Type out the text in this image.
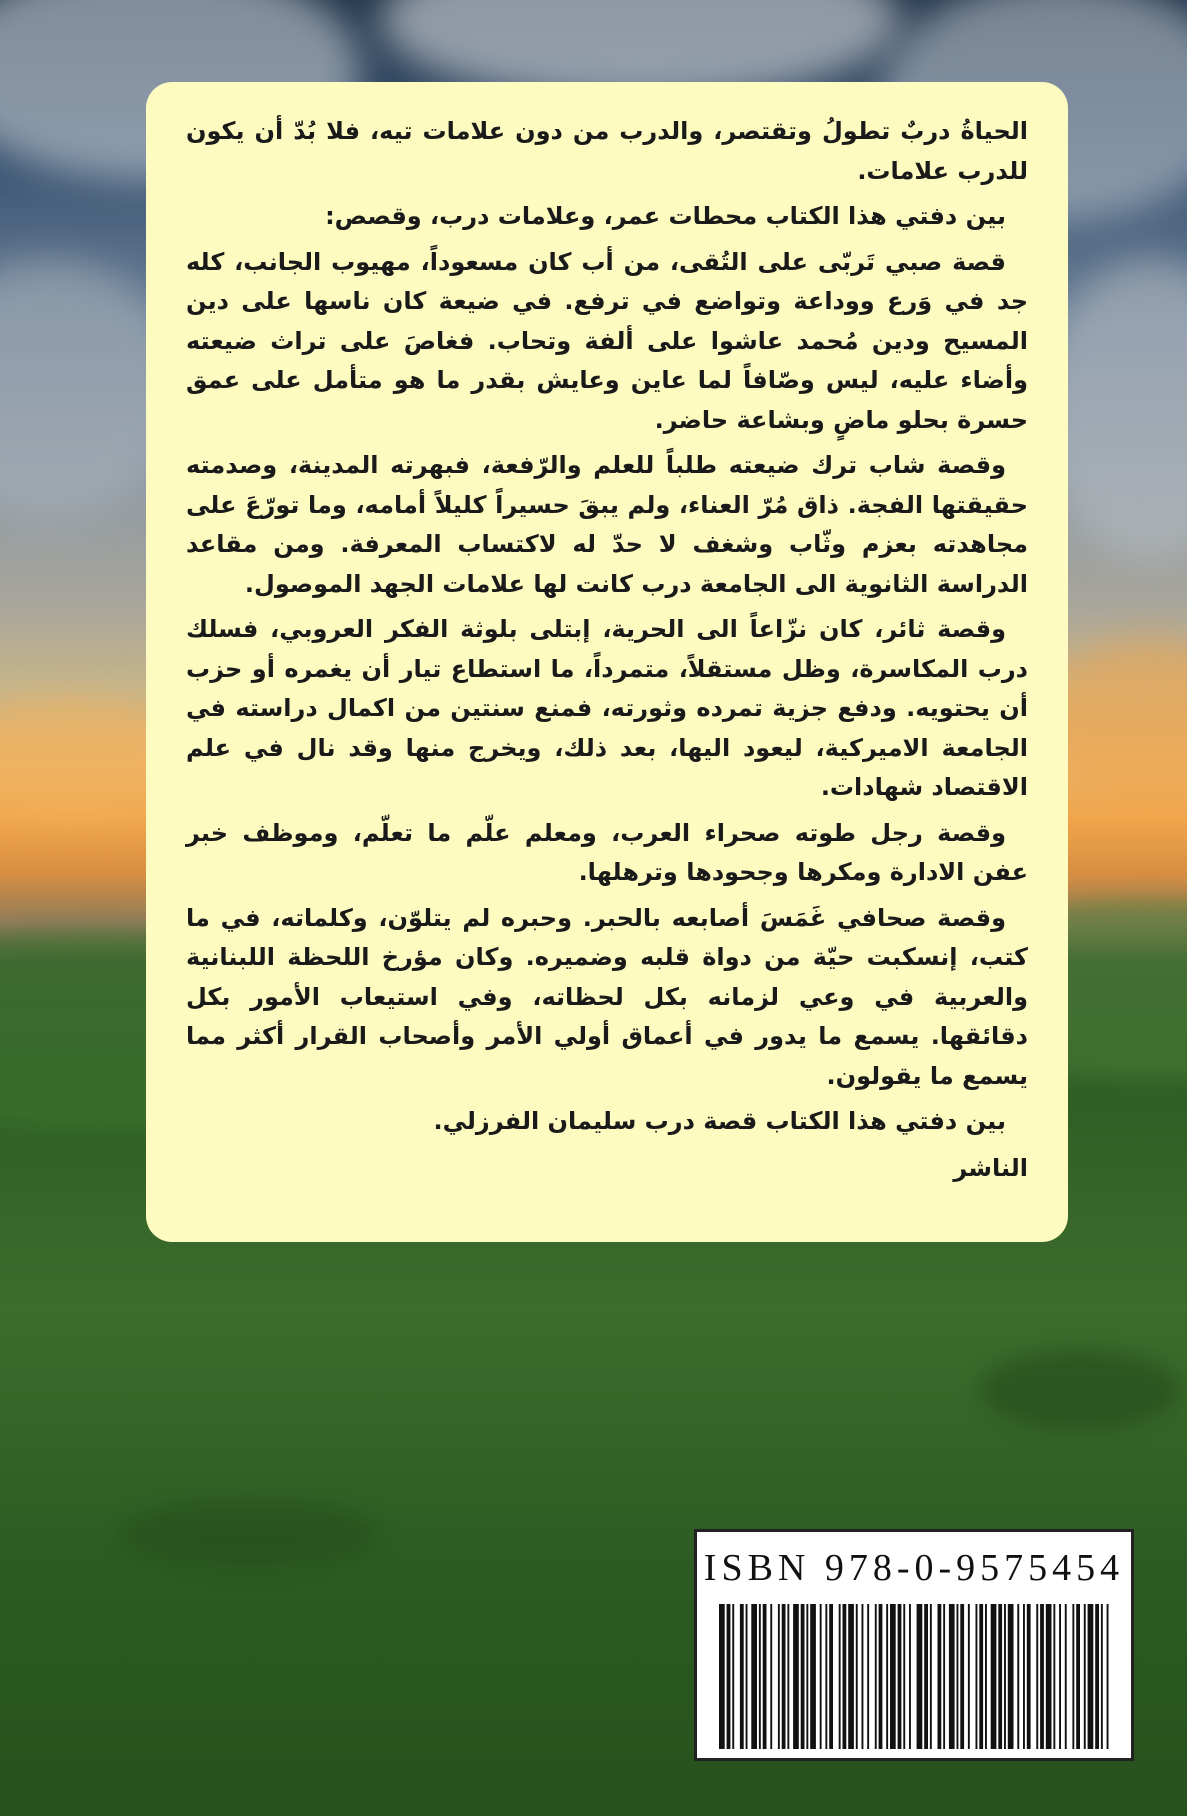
الحياةُ دربٌ تطولُ وتقتصر، والدرب من دون علامات تيه، فلا بُدّ أن يكون للدرب علامات.

بين دفتي هذا الكتاب محطات عمر، وعلامات درب، وقصص:

قصة صبي تَربّى على التُقى، من أب كان مسعوداً، مهيوب الجانب، كله جد في وَرع ووداعة وتواضع في ترفع. في ضيعة كان ناسها على دين المسيح ودين مُحمد عاشوا على ألفة وتحاب. فغاصَ على تراث ضيعته وأضاء عليه، ليس وصّافاً لما عاين وعايش بقدر ما هو متأمل على عمق حسرة بحلو ماضٍ وبشاعة حاضر.

وقصة شاب ترك ضيعته طلباً للعلم والرّفعة، فبهرته المدينة، وصدمته حقيقتها الفجة. ذاق مُرّ العناء، ولم يبقَ حسيراً كليلاً أمامه، وما تورّعَ على مجاهدته بعزم وثّاب وشغف لا حدّ له لاكتساب المعرفة. ومن مقاعد الدراسة الثانوية الى الجامعة درب كانت لها علامات الجهد الموصول.

وقصة ثائر، كان نزّاعاً الى الحرية، إبتلى بلوثة الفكر العروبي، فسلك درب المكاسرة، وظل مستقلاً، متمرداً، ما استطاع تيار أن يغمره أو حزب أن يحتويه. ودفع جزية تمرده وثورته، فمنع سنتين من اكمال دراسته في الجامعة الاميركية، ليعود اليها، بعد ذلك، ويخرج منها وقد نال في علم الاقتصاد شهادات.

وقصة رجل طوته صحراء العرب، ومعلم علّم ما تعلّم، وموظف خبر عفن الادارة ومكرها وجحودها وترهلها.

وقصة صحافي غَمَسَ أصابعه بالحبر. وحبره لم يتلوّن، وكلماته، في ما كتب، إنسكبت حيّة من دواة قلبه وضميره. وكان مؤرخ اللحظة اللبنانية والعربية في وعي لزمانه بكل لحظاته، وفي استيعاب الأمور بكل دقائقها. يسمع ما يدور في أعماق أولي الأمر وأصحاب القرار أكثر مما يسمع ما يقولون.

بين دفتي هذا الكتاب قصة درب سليمان الفرزلي.

الناشر
ISBN 978-0-9575454
